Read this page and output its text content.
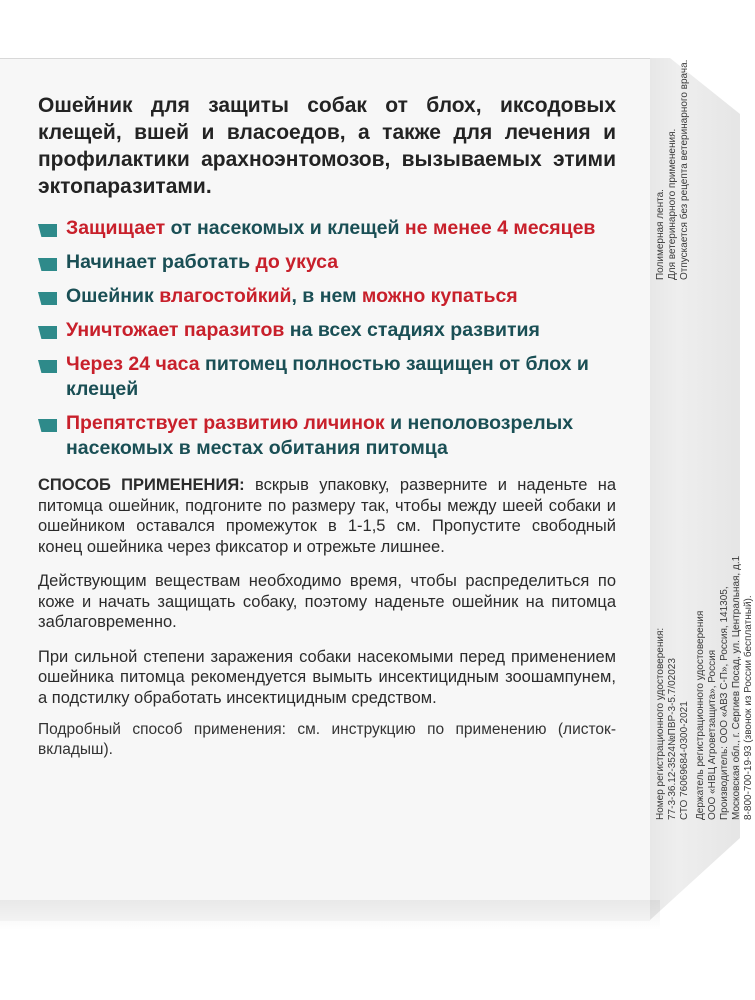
Ошейник для защиты собак от блох, иксодовых клещей, вшей и власоедов, а также для лечения и профилактики арахноэнтомозов, вызываемых этими эктопаразитами.

Защищает от насекомых и клещей не менее 4 месяцев
Начинает работать до укуса
Ошейник влагостойкий, в нем можно купаться
Уничтожает паразитов на всех стадиях развития
Через 24 часа питомец полностью защищен от блох и клещей
Препятствует развитию личинок и неполовозрелых насекомых в местах обитания питомца

СПОСОБ ПРИМЕНЕНИЯ: вскрыв упаковку, разверните и наденьте на питомца ошейник, подгоните по размеру так, чтобы между шеей собаки и ошейником оставался промежуток в 1-1,5 см. Пропустите свободный конец ошейника через фиксатор и отрежьте лишнее.

Действующим веществам необходимо время, чтобы распределиться по коже и начать защищать собаку, поэтому наденьте ошейник на питомца заблаговременно.

При сильной степени заражения собаки насекомыми перед применением ошейника питомца рекомендуется вымыть инсектицидным зоошампунем, а подстилку обработать инсектицидным средством.

Подробный способ применения: см. инструкцию по применению (листок-вкладыш).	Номер регистрационного удостоверения: 77-3-36.12-3524№ПВР-3-5.7/02023 СТО 76069684-0300-2021
Полимерная лента. Для ветеринарного применения. Отпускается без рецепта ветеринарного врача.
Держатель регистрационного удостоверения ООО «НВЦ Агроветзащита», Россия Производитель: ООО «АВЗ С-П», Россия, 141305, Московская обл., г. Сергиев Посад, ул. Центральная, д.1 8-800-700-19-93 (звонок из России бесплатный).
